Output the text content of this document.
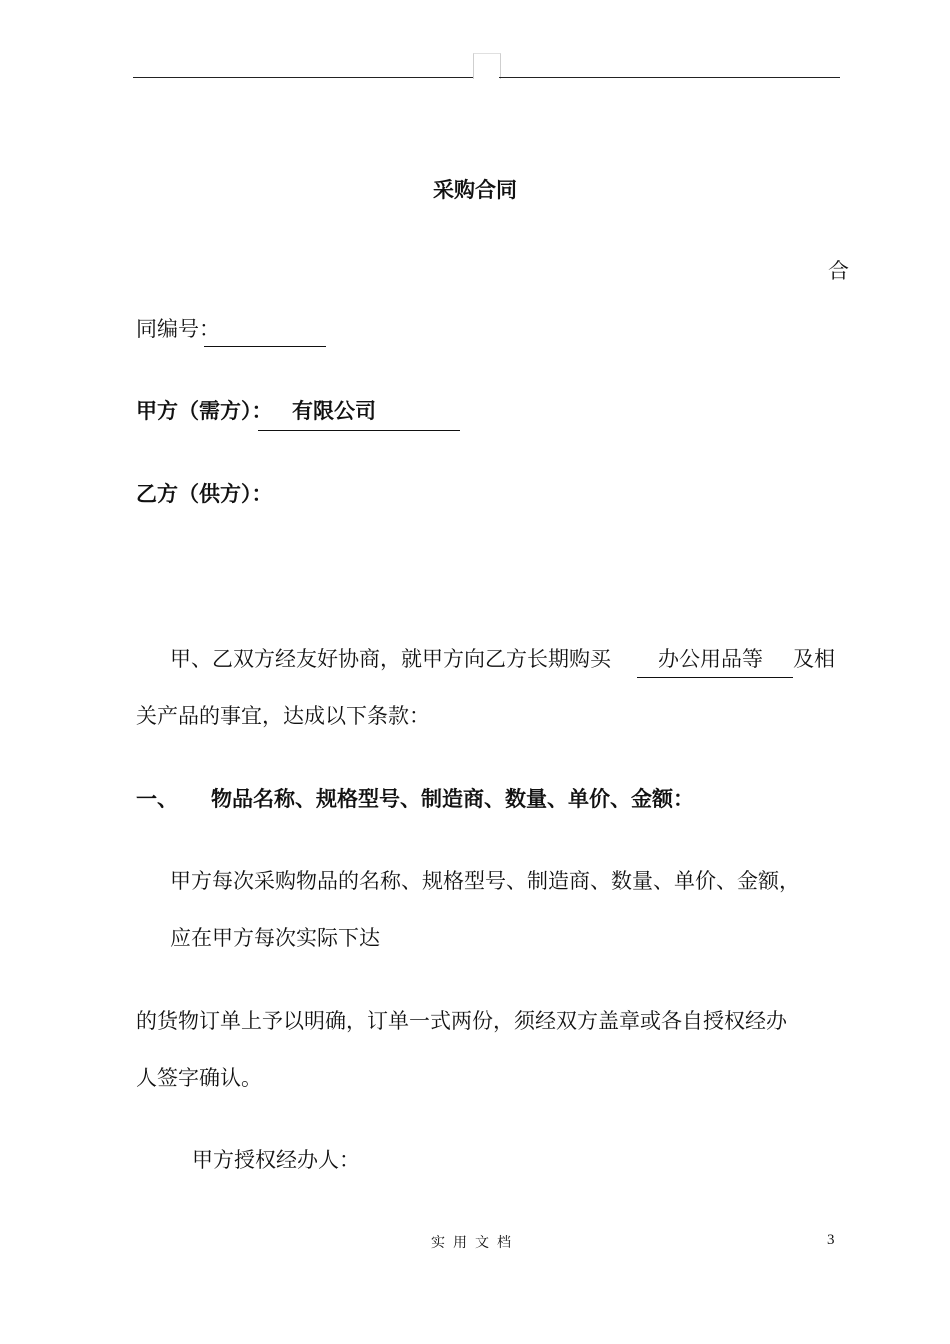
采购合同
合
同编号：
甲方（需方）： 有限公司
乙方（供方）：
甲、乙双方经友好协商，就甲方向乙方长期购买 办公用品等 及相
关产品的事宜，达成以下条款：
一、 物品名称、规格型号、制造商、数量、单价、金额：
甲方每次采购物品的名称、规格型号、制造商、数量、单价、金额，
应在甲方每次实际下达
的货物订单上予以明确，订单一式两份，须经双方盖章或各自授权经办
人签字确认。
甲方授权经办人：
实用文档	3
